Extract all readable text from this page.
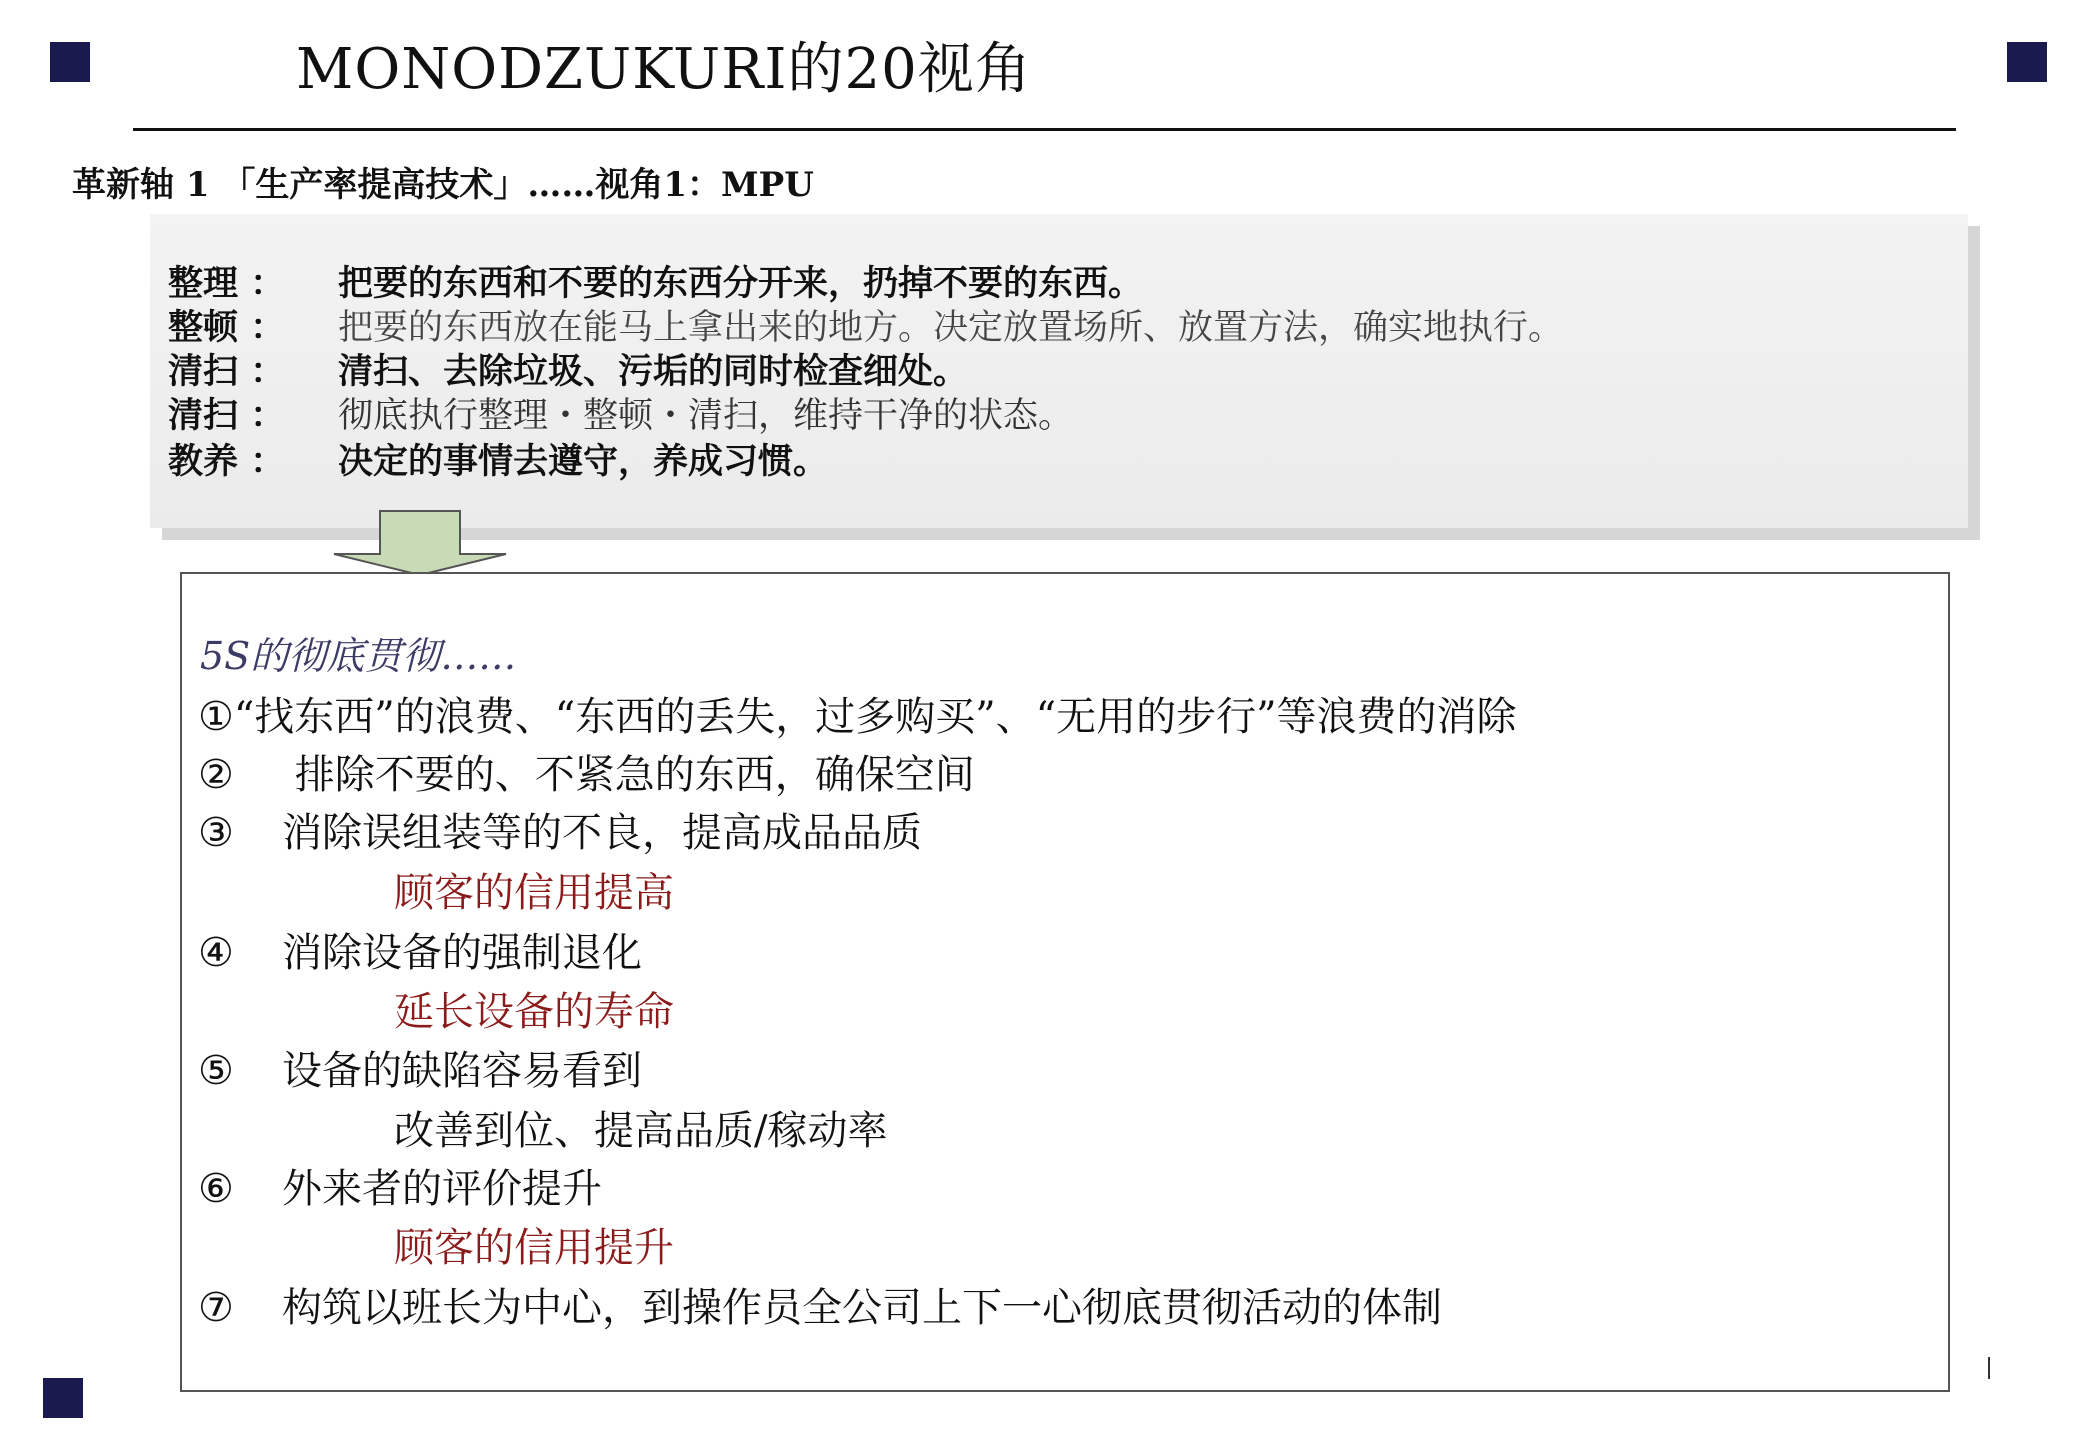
MONODZUKURI的20视角
革新轴 1 「生产率提高技术」……视角1：MPU
整理 ： 把要的东西和不要的东西分开来，扔掉不要的东西。
整顿 ： 把要的东西放在能马上拿出来的地方。决定放置场所、放置方法，确实地执行。
清扫 ： 清扫、去除垃圾、污垢的同时检查细处。
清扫 ： 彻底执行整理・整顿・清扫，维持干净的状态。
教养 ： 决定的事情去遵守，养成习惯。
5S的彻底贯彻……
①“找东西”的浪费、“东西的丢失，过多购买”、“无用的步行”等浪费的消除
② 排除不要的、不紧急的东西，确保空间
③ 消除误组装等的不良，提高成品品质
顾客的信用提高
④ 消除设备的强制退化
延长设备的寿命
⑤ 设备的缺陷容易看到
改善到位、提高品质/稼动率
⑥ 外来者的评价提升
顾客的信用提升
⑦ 构筑以班长为中心，到操作员全公司上下一心彻底贯彻活动的体制
